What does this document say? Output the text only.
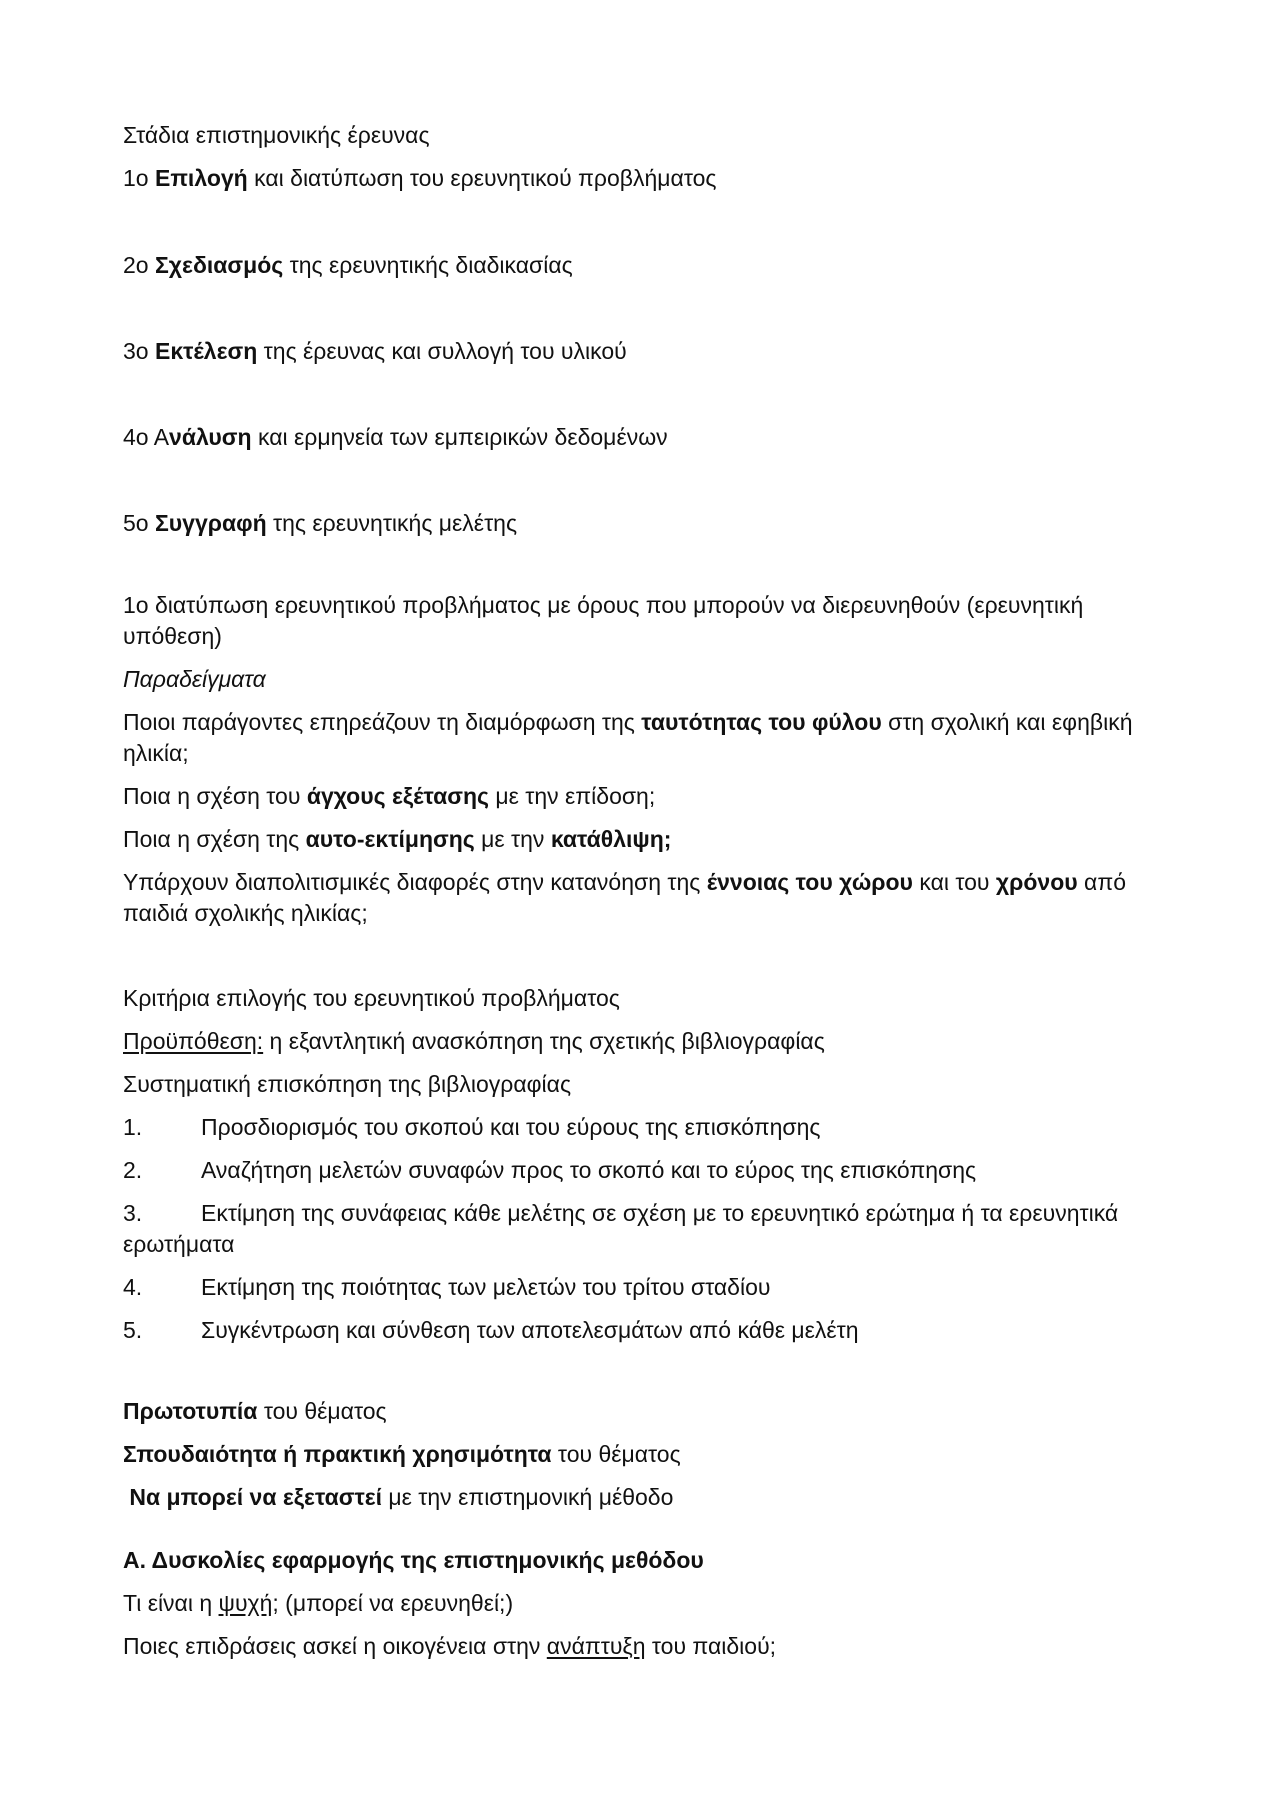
Στάδια επιστημονικής έρευνας

1ο Επιλογή και διατύπωση του ερευνητικού προβλήματος

2ο Σχεδιασμός της ερευνητικής διαδικασίας

3ο Εκτέλεση της έρευνας και συλλογή του υλικού

4ο Ανάλυση και ερμηνεία των εμπειρικών δεδομένων

5ο Συγγραφή της ερευνητικής μελέτης

1ο διατύπωση ερευνητικού προβλήματος με όρους που μπορούν να διερευνηθούν (ερευνητική υπόθεση)

Παραδείγματα

Ποιοι παράγοντες επηρεάζουν τη διαμόρφωση της ταυτότητας του φύλου στη σχολική και εφηβική ηλικία;

Ποια η σχέση του άγχους εξέτασης με την επίδοση;

Ποια η σχέση της αυτο-εκτίμησης με την κατάθλιψη;

Υπάρχουν διαπολιτισμικές διαφορές στην κατανόηση της έννοιας του χώρου και του χρόνου από παιδιά σχολικής ηλικίας;

Κριτήρια επιλογής του ερευνητικού προβλήματος

Προϋπόθεση: η εξαντλητική ανασκόπηση της σχετικής βιβλιογραφίας

Συστηματική επισκόπηση της βιβλιογραφίας

1.	Προσδιορισμός του σκοπού και του εύρους της επισκόπησης

2.	Αναζήτηση μελετών συναφών προς το σκοπό και το εύρος της επισκόπησης

3.	Εκτίμηση της συνάφειας κάθε μελέτης σε σχέση με το ερευνητικό ερώτημα ή τα ερευνητικά ερωτήματα

4.	Εκτίμηση της ποιότητας των μελετών του τρίτου σταδίου

5.	Συγκέντρωση και σύνθεση των αποτελεσμάτων από κάθε μελέτη

Πρωτοτυπία του θέματος

Σπουδαιότητα ή πρακτική χρησιμότητα του θέματος

Να μπορεί να εξεταστεί με την επιστημονική μέθοδο

Α. Δυσκολίες εφαρμογής της επιστημονικής μεθόδου

Τι είναι η ψυχή; (μπορεί να ερευνηθεί;)

Ποιες επιδράσεις ασκεί η οικογένεια στην ανάπτυξη του παιδιού;
